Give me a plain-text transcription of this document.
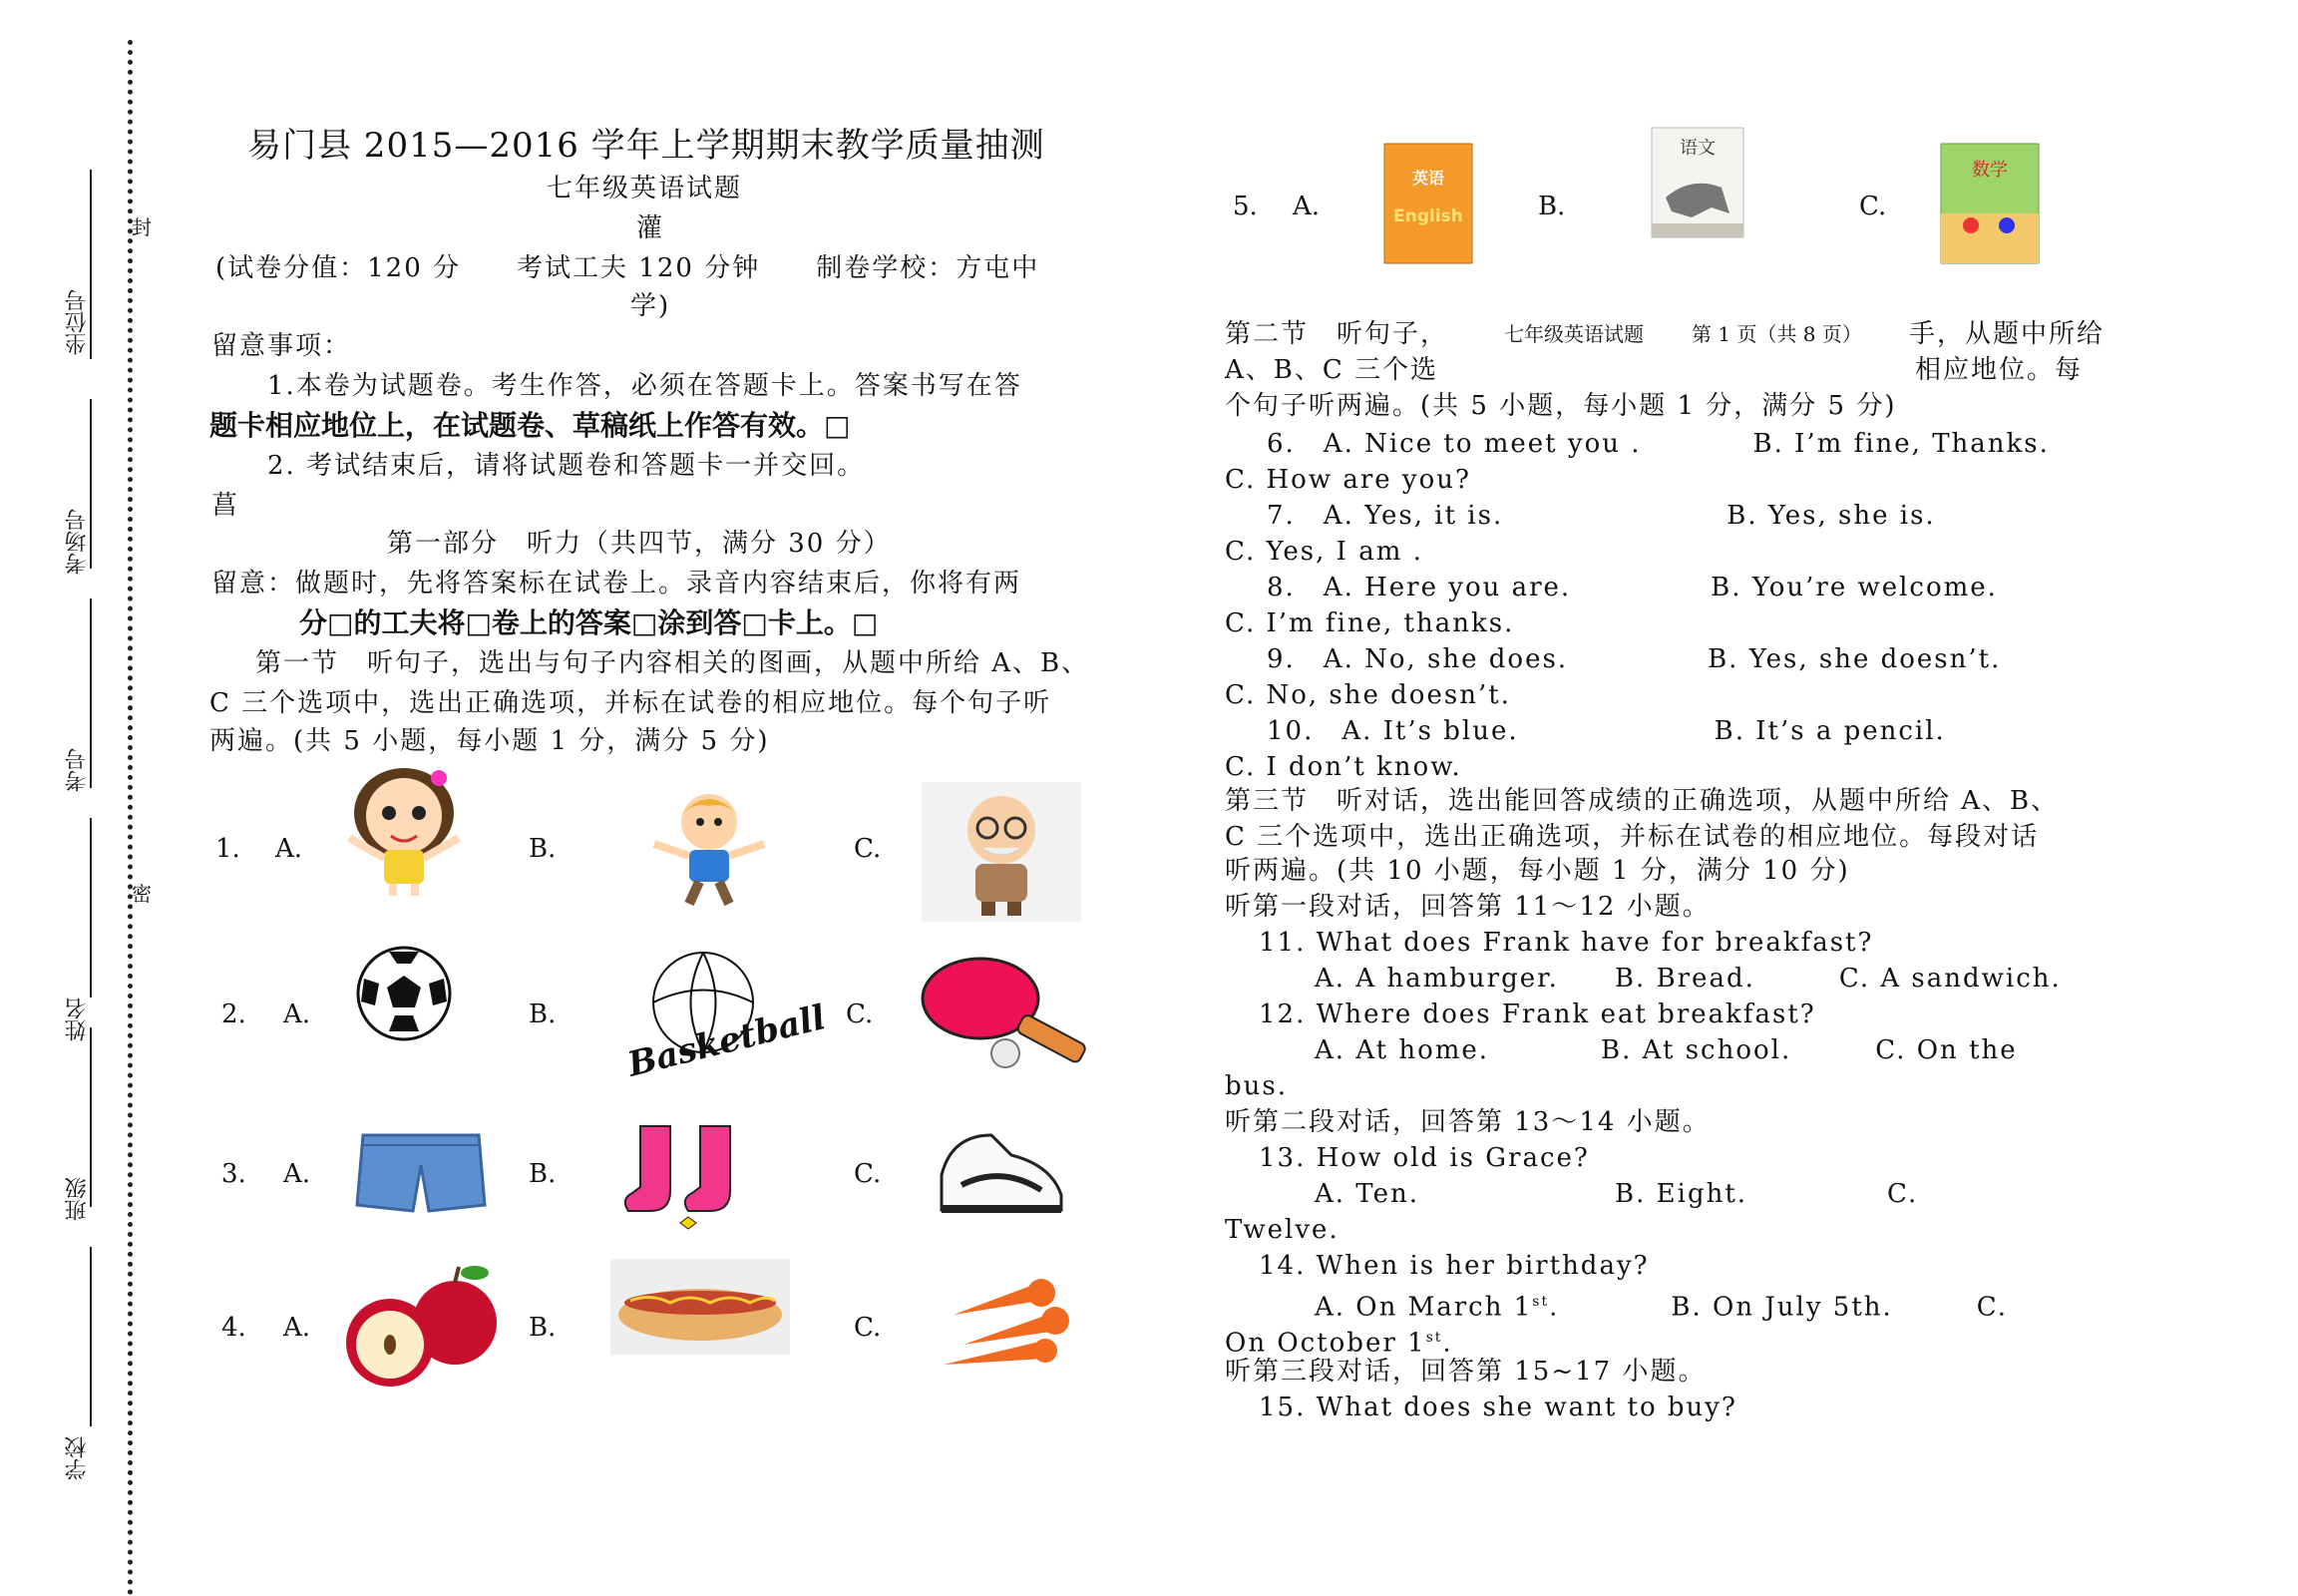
坐位号
考场号
考号
姓名
班级
学校
封
密
易门县 2015—2016 学年上学期期末教学质量抽测
七年级英语试题
灌
(试卷分值：120 分　　考试工夫 120 分钟　　制卷学校：方屯中
学)
留意事项：
1.本卷为试题卷。考生作答，必须在答题卡上。答案书写在答
题卡相应地位上，在试题卷、草稿纸上作答有效。□
2. 考试结束后，请将试题卷和答题卡一并交回。
菖
第一部分　听力（共四节，满分 30 分）
留意：做题时，先将答案标在试卷上。录音内容结束后，你将有两
分□的工夫将□卷上的答案□涂到答□卡上。□
第一节　听句子，选出与句子内容相关的图画，从题中所给 A、B、
C 三个选项中，选出正确选项，并标在试卷的相应地位。每个句子听
两遍。(共 5 小题，每小题 1 分，满分 5 分)
1. A.	B.	C.
2. A.	B.	C.
Basketball
3. A.	B.	C.
4. A.	B.	C.
5. A.	B.	C.
英语
English
语文
数学
第二节　听句子，	七年级英语试题 第 1 页（共 8 页） 手，从题中所给
A、B、C 三个选	相应地位。每
个句子听两遍。(共 5 小题，每小题 1 分，满分 5 分)
6.　A. Nice to meet you .　　　　B. I’m fine, Thanks.
C. How are you?
7.　A. Yes, it is.　　　　　　　　B. Yes, she is.
C. Yes, I am .
8.　A. Here you are.　　　　　B. You’re welcome.
C. I’m fine, thanks.
9.　A. No, she does.　　　　　B. Yes, she doesn’t.
C. No, she doesn’t.
10.　A. It’s blue.　　　　　　　B. It’s a pencil.
C. I don’t know.
第三节　听对话，选出能回答成绩的正确选项，从题中所给 A、B、
C 三个选项中，选出正确选项，并标在试卷的相应地位。每段对话
听两遍。(共 10 小题，每小题 1 分，满分 10 分)
听第一段对话，回答第 11～12 小题。
11. What does Frank have for breakfast?
A. A hamburger.　　B. Bread.　　　C. A sandwich.
12. Where does Frank eat breakfast?
A. At home.　　　　B. At school.　　　C. On the
bus.
听第二段对话，回答第 13～14 小题。
13. How old is Grace?
A. Ten.　　　　　　　B. Eight.　　　　　C.
Twelve.
14. When is her birthday?
A. On March 1st.　　　　B. On July 5th.　　　C.
On October 1st.
听第三段对话，回答第 15~17 小题。
15. What does she want to buy?
